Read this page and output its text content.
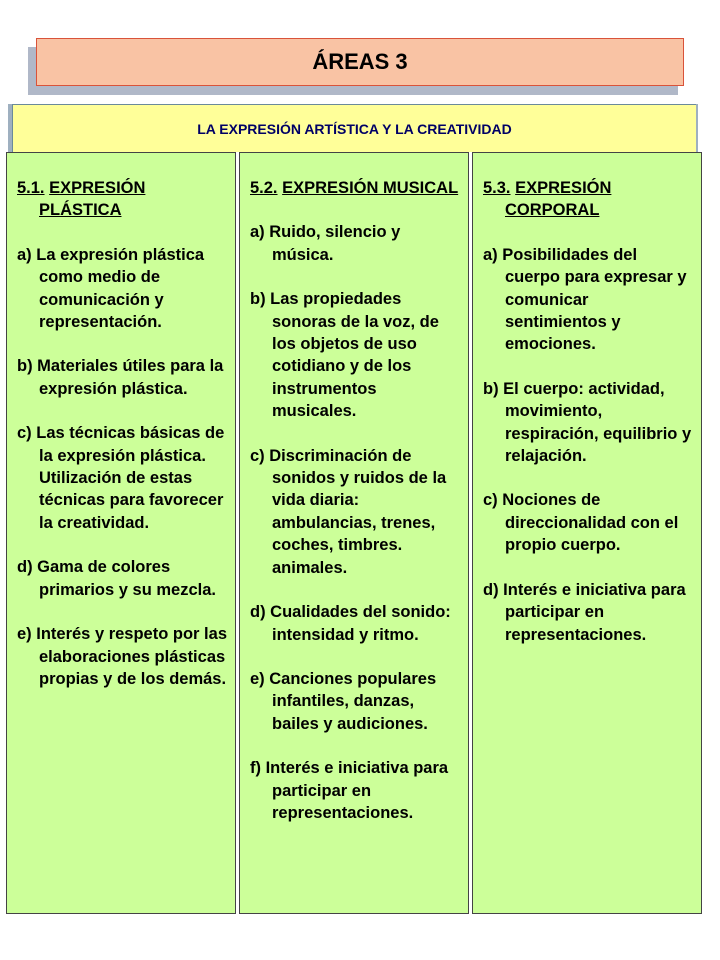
ÁREAS 3
LA EXPRESIÓN ARTÍSTICA Y LA CREATIVIDAD

5.1. EXPRESIÓN PLÁSTICA

a) La expresión plástica como medio de comunicación y representación.

b) Materiales útiles para la expresión plástica.

c) Las técnicas básicas de la expresión plástica. Utilización de estas técnicas para favorecer la creatividad.

d) Gama de colores primarios y su mezcla.

e) Interés y respeto por las elaboraciones plásticas propias y de los demás.

5.2. EXPRESIÓN MUSICAL

a) Ruido, silencio y música.

b) Las propiedades sonoras de la voz, de los objetos de uso cotidiano y de los instrumentos musicales.

c) Discriminación de sonidos y ruidos de la vida diaria: ambulancias, trenes, coches, timbres. animales.

d) Cualidades del sonido: intensidad y ritmo.

e) Canciones populares infantiles, danzas, bailes y audiciones.

f) Interés e iniciativa para participar en representaciones.

5.3. EXPRESIÓN CORPORAL

a) Posibilidades del cuerpo para expresar y comunicar sentimientos y emociones.

b) El cuerpo: actividad, movimiento, respiración, equilibrio y relajación.

c) Nociones de direccionalidad con el propio cuerpo.

d) Interés e iniciativa para participar en representaciones.
